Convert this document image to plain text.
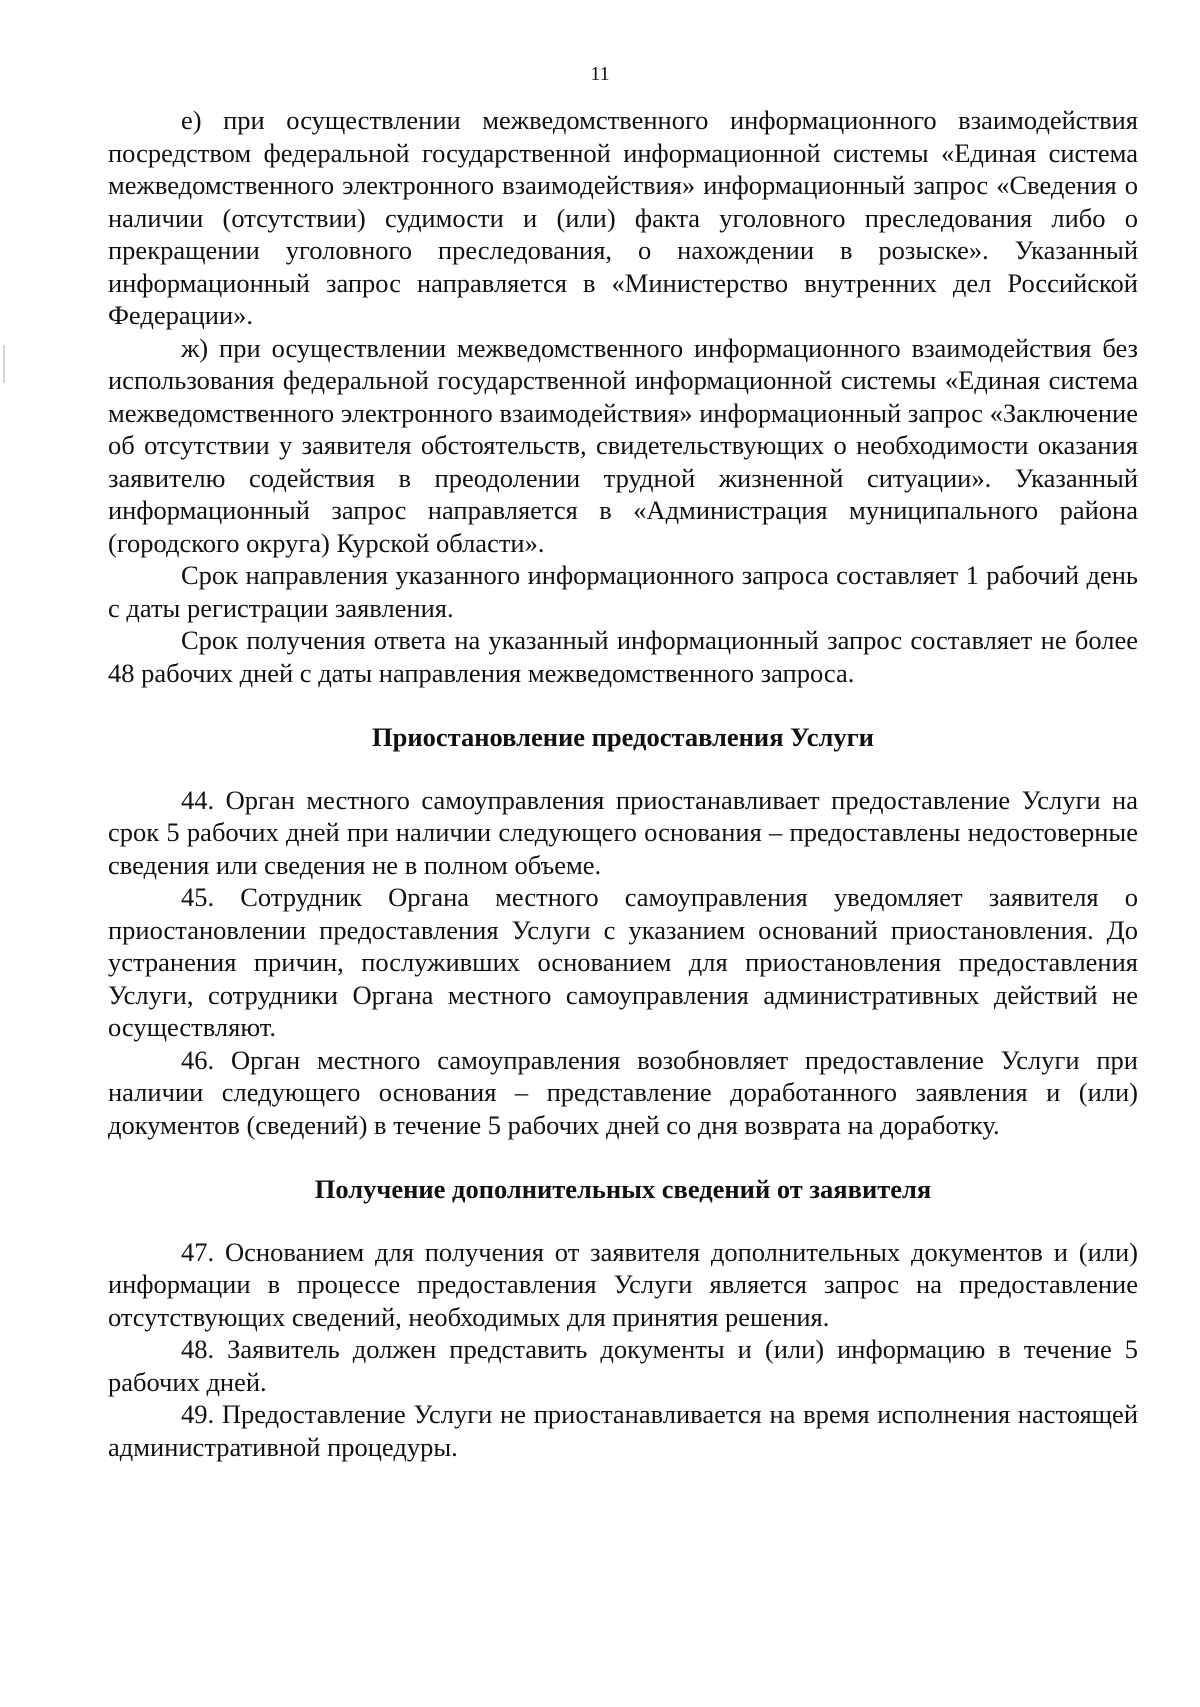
11

е) при осуществлении межведомственного информационного взаимодействия посредством федеральной государственной информационной системы «Единая система межведомственного электронного взаимодействия» информационный запрос «Сведения о наличии (отсутствии) судимости и (или) факта уголовного преследования либо о прекращении уголовного преследования, о нахождении в розыске». Указанный информационный запрос направляется в «Министерство внутренних дел Российской Федерации».

ж) при осуществлении межведомственного информационного взаимодействия без использования федеральной государственной информационной системы «Единая система межведомственного электронного взаимодействия» информационный запрос «Заключение об отсутствии у заявителя обстоятельств, свидетельствующих о необходимости оказания заявителю содействия в преодолении трудной жизненной ситуации». Указанный информационный запрос направляется в «Администрация муниципального района (городского округа) Курской области».

Срок направления указанного информационного запроса составляет 1 рабочий день с даты регистрации заявления.

Срок получения ответа на указанный информационный запрос составляет не более 48 рабочих дней с даты направления межведомственного запроса.

Приостановление предоставления Услуги

44. Орган местного самоуправления приостанавливает предоставление Услуги на срок 5 рабочих дней при наличии следующего основания – предоставлены недостоверные сведения или сведения не в полном объеме.

45. Сотрудник Органа местного самоуправления уведомляет заявителя о приостановлении предоставления Услуги с указанием оснований приостановления. До устранения причин, послуживших основанием для приостановления предоставления Услуги, сотрудники Органа местного самоуправления административных действий не осуществляют.

46. Орган местного самоуправления возобновляет предоставление Услуги при наличии следующего основания – представление доработанного заявления и (или) документов (сведений) в течение 5 рабочих дней со дня возврата на доработку.

Получение дополнительных сведений от заявителя

47. Основанием для получения от заявителя дополнительных документов и (или) информации в процессе предоставления Услуги является запрос на предоставление отсутствующих сведений, необходимых для принятия решения.

48. Заявитель должен представить документы и (или) информацию в течение 5 рабочих дней.

49. Предоставление Услуги не приостанавливается на время исполнения настоящей административной процедуры.
